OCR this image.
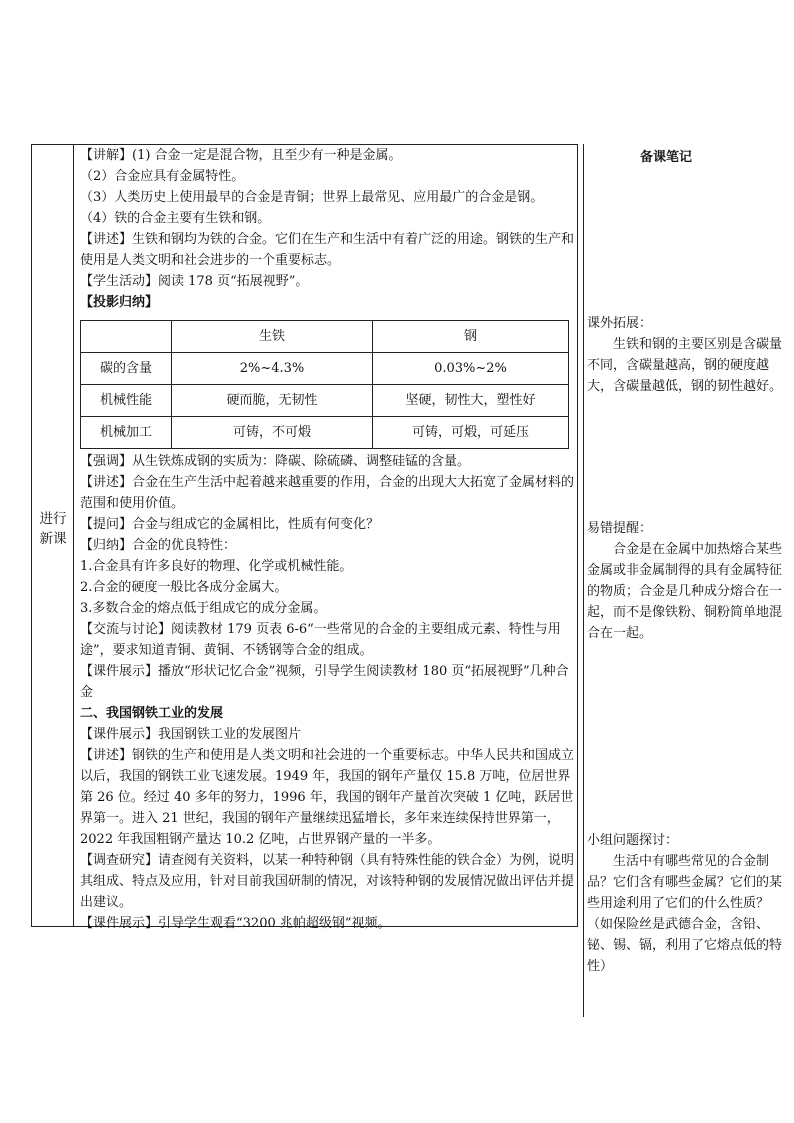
进行
新课

【讲解】(1) 合金一定是混合物，且至少有一种是金属。

（2）合金应具有金属特性。

（3）人类历史上使用最早的合金是青铜；世界上最常见、应用最广的合金是钢。

（4）铁的合金主要有生铁和钢。

【讲述】生铁和钢均为铁的合金。它们在生产和生活中有着广泛的用途。钢铁的生产和使用是人类文明和社会进步的一个重要标志。

【学生活动】阅读 178 页“拓展视野”。

【投影归纳】

	生铁	钢
碳的含量	2%~4.3%	0.03%~2%
机械性能	硬而脆，无韧性	坚硬，韧性大，塑性好
机械加工	可铸，不可煅	可铸，可煅，可延压

【强调】从生铁炼成钢的实质为：降碳、除硫磷、调整硅锰的含量。

【讲述】合金在生产生活中起着越来越重要的作用，合金的出现大大拓宽了金属材料的范围和使用价值。

【提问】合金与组成它的金属相比，性质有何变化？

【归纳】合金的优良特性：

1.合金具有许多良好的物理、化学或机械性能。

2.合金的硬度一般比各成分金属大。

3.多数合金的熔点低于组成它的成分金属。

【交流与讨论】阅读教材 179 页表 6-6“一些常见的合金的主要组成元素、特性与用途”，要求知道青铜、黄铜、不锈钢等合金的组成。

【课件展示】播放“形状记忆合金”视频，引导学生阅读教材 180 页“拓展视野”几种合金

二、我国钢铁工业的发展

【课件展示】我国钢铁工业的发展图片

【讲述】钢铁的生产和使用是人类文明和社会进的一个重要标志。中华人民共和国成立以后，我国的钢铁工业飞速发展。1949 年，我国的钢年产量仅 15.8 万吨，位居世界第 26 位。经过 40 多年的努力，1996 年，我国的钢年产量首次突破 1 亿吨，跃居世界第一。进入 21 世纪，我国的钢年产量继续迅猛增长，多年来连续保持世界第一，2022 年我国粗钢产量达 10.2 亿吨，占世界钢产量的一半多。

【调查研究】请查阅有关资料，以某一种特种钢（具有特殊性能的铁合金）为例，说明其组成、特点及应用，针对目前我国研制的情况，对该特种钢的发展情况做出评估并提出建议。

【课件展示】引导学生观看“3200 兆帕超级钢”视频。

备课笔记

课外拓展：

生铁和钢的主要区别是含碳量不同，含碳量越高，钢的硬度越大，含碳量越低，钢的韧性越好。

易错提醒：

合金是在金属中加热熔合某些金属或非金属制得的具有金属特征的物质；合金是几种成分熔合在一起，而不是像铁粉、铜粉简单地混合在一起。

小组问题探讨：

生活中有哪些常见的合金制品？它们含有哪些金属？它们的某些用途利用了它们的什么性质？（如保险丝是武德合金，含铅、铋、锡、镉，利用了它熔点低的特性）
